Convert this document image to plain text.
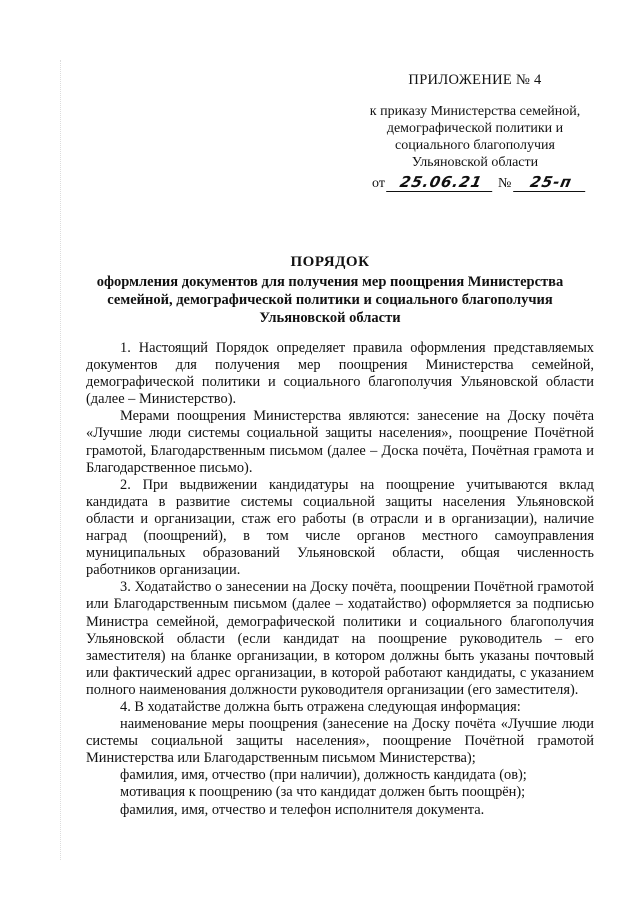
ПРИЛОЖЕНИЕ № 4
к приказу Министерства семейной, демографической политики и социального благополучия Ульяновской области
от 25.06.21 № 25-п
ПОРЯДОК
оформления документов для получения мер поощрения Министерства семейной, демографической политики и социального благополучия Ульяновской области

1. Настоящий Порядок определяет правила оформления представляемых документов для получения мер поощрения Министерства семейной, демографической политики и социального благополучия Ульяновской области (далее – Министерство).

Мерами поощрения Министерства являются: занесение на Доску почёта «Лучшие люди системы социальной защиты населения», поощрение Почётной грамотой, Благодарственным письмом (далее – Доска почёта, Почётная грамота и Благодарственное письмо).

2. При выдвижении кандидатуры на поощрение учитываются вклад кандидата в развитие системы социальной защиты населения Ульяновской области и организации, стаж его работы (в отрасли и в организации), наличие наград (поощрений), в том числе органов местного самоуправления муниципальных образований Ульяновской области, общая численность работников организации.

3. Ходатайство о занесении на Доску почёта, поощрении Почётной грамотой или Благодарственным письмом (далее – ходатайство) оформляется за подписью Министра семейной, демографической политики и социального благополучия Ульяновской области (если кандидат на поощрение руководитель – его заместителя) на бланке организации, в котором должны быть указаны почтовый или фактический адрес организации, в которой работают кандидаты, с указанием полного наименования должности руководителя организации (его заместителя).

4. В ходатайстве должна быть отражена следующая информация:

наименование меры поощрения (занесение на Доску почёта «Лучшие люди системы социальной защиты населения», поощрение Почётной грамотой Министерства или Благодарственным письмом Министерства);

фамилия, имя, отчество (при наличии), должность кандидата (ов);

мотивация к поощрению (за что кандидат должен быть поощрён);

фамилия, имя, отчество и телефон исполнителя документа.
